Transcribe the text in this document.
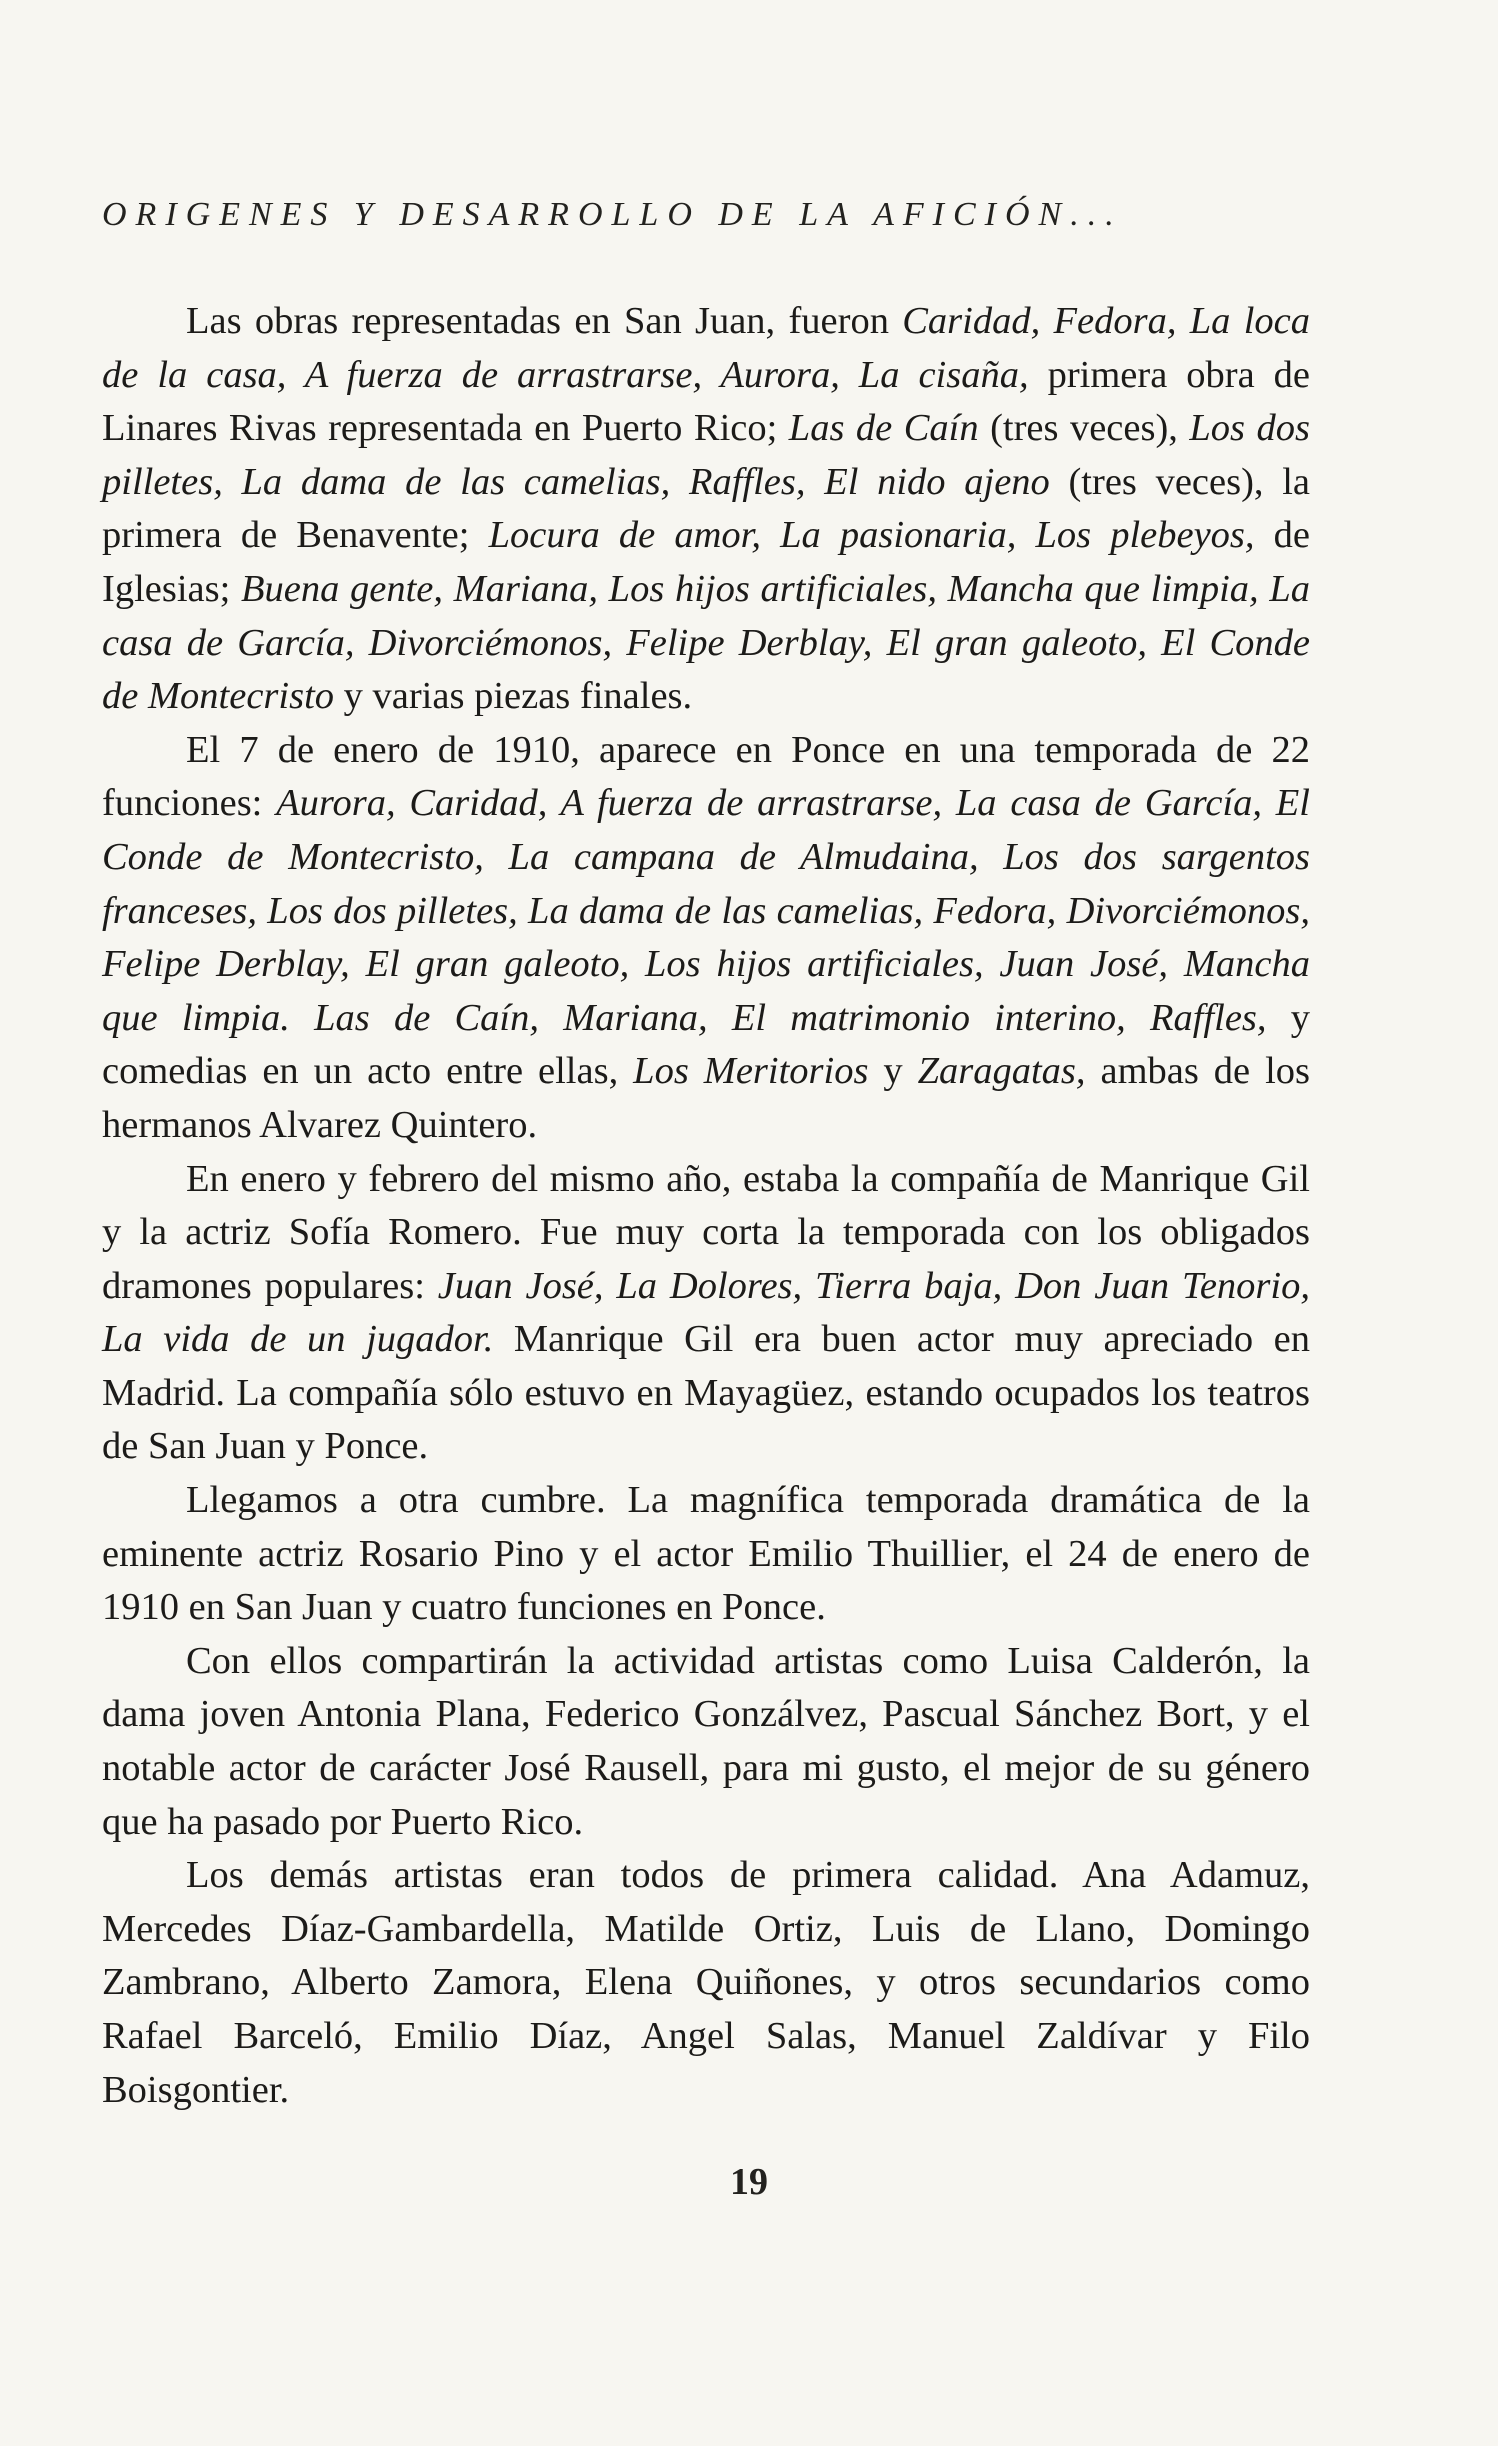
ORIGENES Y DESARROLLO DE LA AFICIÓN...

Las obras representadas en San Juan, fueron Caridad, Fedora, La loca de la casa, A fuerza de arrastrarse, Aurora, La cisaña, primera obra de Linares Rivas representada en Puerto Rico; Las de Caín (tres veces), Los dos pilletes, La dama de las camelias, Raffles, El nido ajeno (tres veces), la primera de Benavente; Locura de amor, La pasionaria, Los plebeyos, de Iglesias; Buena gente, Mariana, Los hijos artificiales, Mancha que limpia, La casa de García, Divorciémonos, Felipe Derblay, El gran galeoto, El Conde de Montecristo y varias piezas finales.

El 7 de enero de 1910, aparece en Ponce en una temporada de 22 funciones: Aurora, Caridad, A fuerza de arrastrarse, La casa de García, El Conde de Montecristo, La campana de Almudaina, Los dos sargentos franceses, Los dos pilletes, La dama de las camelias, Fedora, Divorciémonos, Felipe Derblay, El gran galeoto, Los hijos artificiales, Juan José, Mancha que limpia. Las de Caín, Mariana, El matrimonio interino, Raffles, y comedias en un acto entre ellas, Los Meritorios y Zaragatas, ambas de los hermanos Alvarez Quintero.

En enero y febrero del mismo año, estaba la compañía de Manrique Gil y la actriz Sofía Romero. Fue muy corta la temporada con los obligados dramones populares: Juan José, La Dolores, Tierra baja, Don Juan Tenorio, La vida de un jugador. Manrique Gil era buen actor muy apreciado en Madrid. La compañía sólo estuvo en Mayagüez, estando ocupados los teatros de San Juan y Ponce.

Llegamos a otra cumbre. La magnífica temporada dramática de la eminente actriz Rosario Pino y el actor Emilio Thuillier, el 24 de enero de 1910 en San Juan y cuatro funciones en Ponce.

Con ellos compartirán la actividad artistas como Luisa Calderón, la dama joven Antonia Plana, Federico Gonzálvez, Pascual Sánchez Bort, y el notable actor de carácter José Rausell, para mi gusto, el mejor de su género que ha pasado por Puerto Rico.

Los demás artistas eran todos de primera calidad. Ana Adamuz, Mercedes Díaz-Gambardella, Matilde Ortiz, Luis de Llano, Domingo Zambrano, Alberto Zamora, Elena Quiñones, y otros secundarios como Rafael Barceló, Emilio Díaz, Angel Salas, Manuel Zaldívar y Filo Boisgontier.

19
